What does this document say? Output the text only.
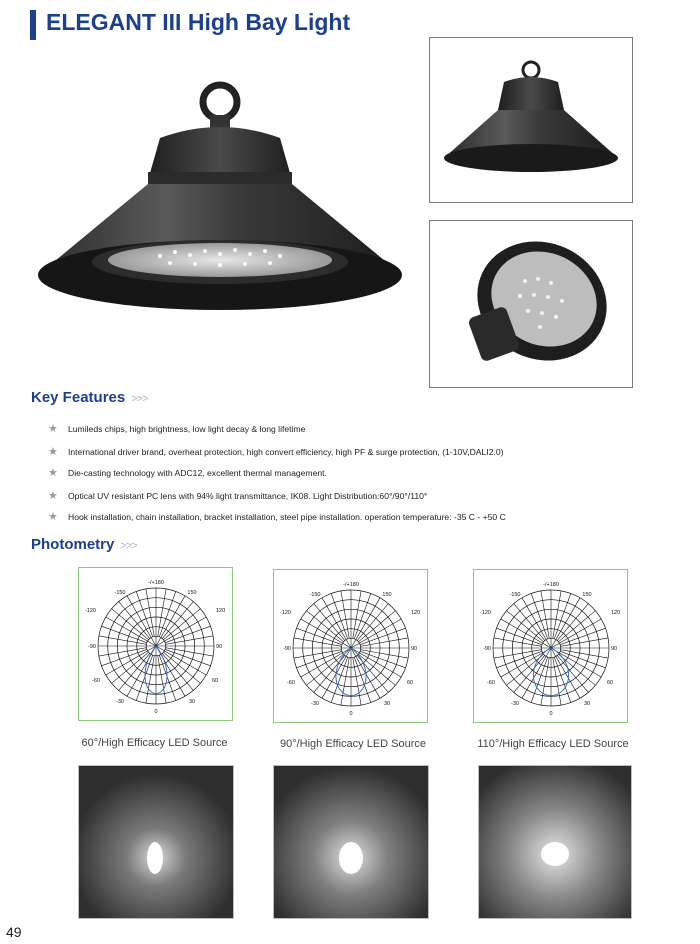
ELEGANT III High Bay Light
Key Features >>>
★ Lumileds chips, high brightness, low light decay & long lifetime
★ International driver brand, overheat protection, high convert efficiency, high PF & surge protection, (1-10V,DALI2.0)
★ Die-casting technology with ADC12, excellent thermal management.
★ Optical UV resistant PC lens with 94% light transmittance, IK08. Light Distribution:60°/90°/110°
★ Hook installation, chain installation, bracket installation, steel pipe installation. operation temperature: -35 C - +50 C
Photometry >>>
-/+180
-150	150
-120	120
-90	90
-60	60
-30	30
0
-/+180
-150	150
-120	120
-90	90
-60	60
-30	30
0
-/+180
-150	150
-120	120
-90	90
-60	60
-30	30
0
60°/High Efficacy LED Source	90°/High Efficacy LED Source	110°/High Efficacy LED Source
49
